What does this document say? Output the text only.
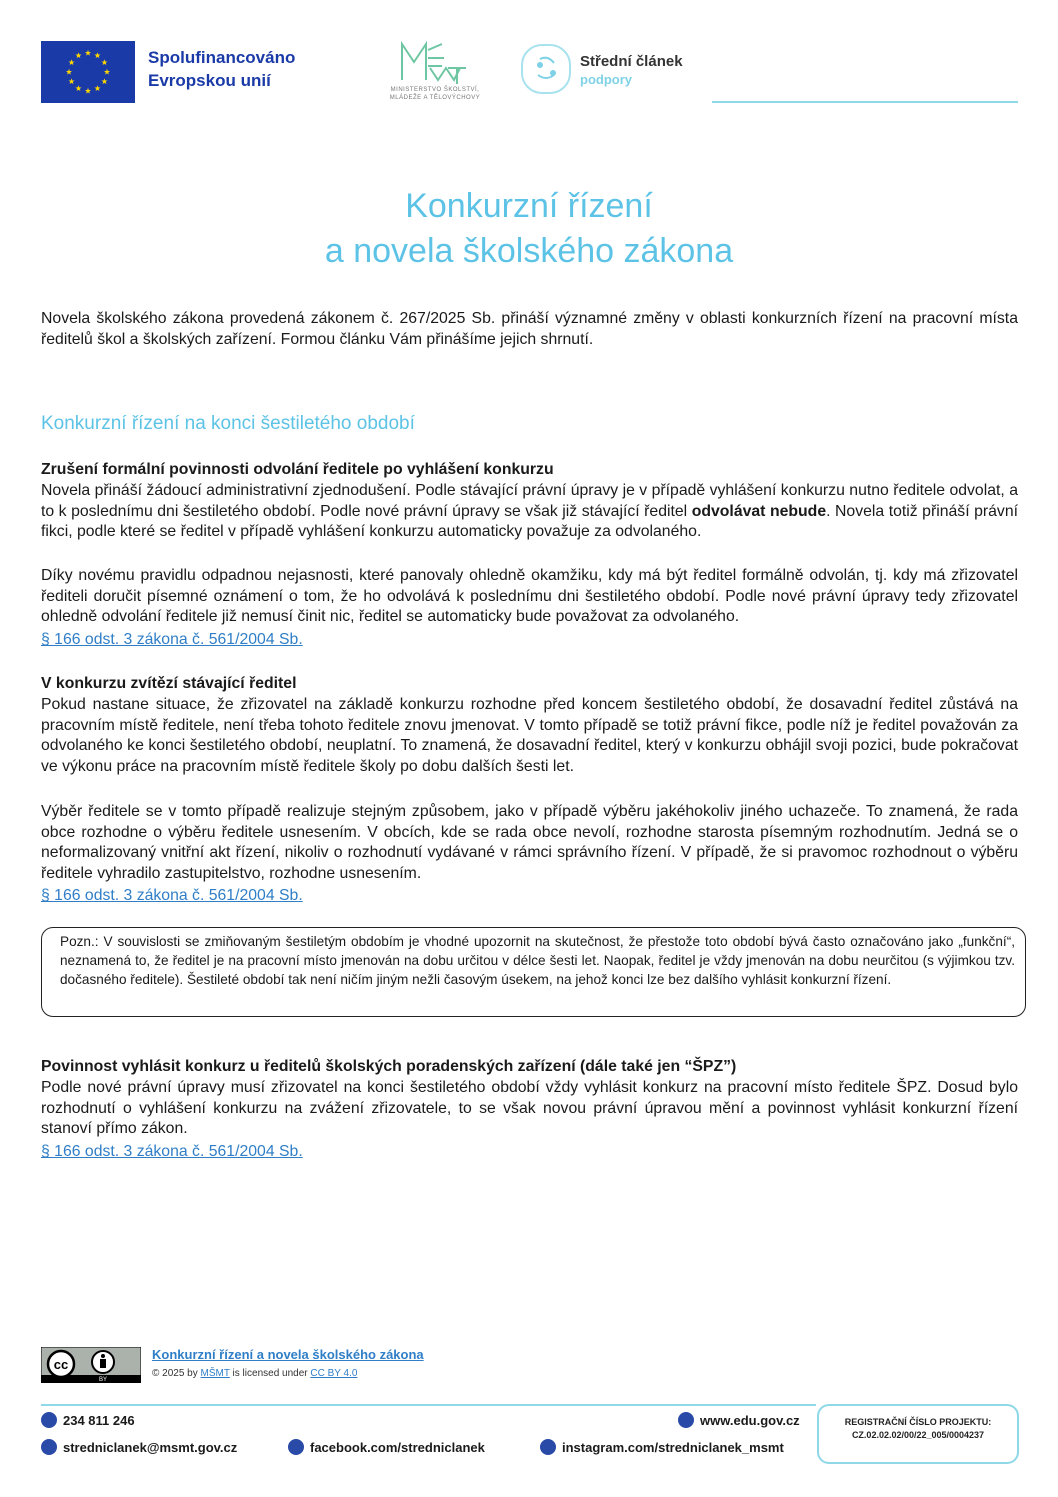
Spolufinancováno
Evropskou unií	MINISTERSTVO ŠKOLSTVÍ,
MLÁDEŽE A TĚLOVÝCHOVY
Střední článek
podpory
Konkurzní řízení
a novela školského zákona

Novela školského zákona provedená zákonem č. 267/2025 Sb. přináší významné změny v oblasti konkurzních řízení na pracovní místa ředitelů škol a školských zařízení. Formou článku Vám přinášíme jejich shrnutí.

Konkurzní řízení na konci šestiletého období

Zrušení formální povinnosti odvolání ředitele po vyhlášení konkurzu

Novela přináší žádoucí administrativní zjednodušení. Podle stávající právní úpravy je v případě vyhlášení konkurzu nutno ředitele odvolat, a to k poslednímu dni šestiletého období. Podle nové právní úpravy se však již stávající ředitel odvolávat nebude. Novela totiž přináší právní fikci, podle které se ředitel v případě vyhlášení konkurzu automaticky považuje za odvolaného.

Díky novému pravidlu odpadnou nejasnosti, které panovaly ohledně okamžiku, kdy má být ředitel formálně odvolán, tj. kdy má zřizovatel řediteli doručit písemné oznámení o tom, že ho odvolává k poslednímu dni šestiletého období. Podle nové právní úpravy tedy zřizovatel ohledně odvolání ředitele již nemusí činit nic, ředitel se automaticky bude považovat za odvolaného.

§ 166 odst. 3 zákona č. 561/2004 Sb.

V konkurzu zvítězí stávající ředitel

Pokud nastane situace, že zřizovatel na základě konkurzu rozhodne před koncem šestiletého období, že dosavadní ředitel zůstává na pracovním místě ředitele, není třeba tohoto ředitele znovu jmenovat. V tomto případě se totiž právní fikce, podle níž je ředitel považován za odvolaného ke konci šestiletého období, neuplatní. To znamená, že dosavadní ředitel, který v konkurzu obhájil svoji pozici, bude pokračovat ve výkonu práce na pracovním místě ředitele školy po dobu dalších šesti let.

Výběr ředitele se v tomto případě realizuje stejným způsobem, jako v případě výběru jakéhokoliv jiného uchazeče. To znamená, že rada obce rozhodne o výběru ředitele usnesením. V obcích, kde se rada obce nevolí, rozhodne starosta písemným rozhodnutím. Jedná se o neformalizovaný vnitřní akt řízení, nikoliv o rozhodnutí vydávané v rámci správního řízení. V případě, že si pravomoc rozhodnout o výběru ředitele vyhradilo zastupitelstvo, rozhodne usnesením.

§ 166 odst. 3 zákona č. 561/2004 Sb.

Pozn.: V souvislosti se zmiňovaným šestiletým obdobím je vhodné upozornit na skutečnost, že přestože toto období bývá často označováno jako „funkční“, neznamená to, že ředitel je na pracovní místo jmenován na dobu určitou v délce šesti let. Naopak, ředitel je vždy jmenován na dobu neurčitou (s výjimkou tzv. dočasného ředitele). Šestileté období tak není ničím jiným nežli časovým úsekem, na jehož konci lze bez dalšího vyhlásit konkurzní řízení.

Povinnost vyhlásit konkurz u ředitelů školských poradenských zařízení (dále také jen “ŠPZ”)

Podle nové právní úpravy musí zřizovatel na konci šestiletého období vždy vyhlásit konkurz na pracovní místo ředitele ŠPZ. Dosud bylo rozhodnutí o vyhlášení konkurzu na zvážení zřizovatele, to se však novou právní úpravou mění a povinnost vyhlásit konkurzní řízení stanoví přímo zákon.

§ 166 odst. 3 zákona č. 561/2004 Sb.
cc
BY
Konkurzní řízení a novela školského zákona
© 2025 by MŠMT is licensed under CC BY 4.0
234 811 246
stredniclanek@msmt.gov.cz	facebook.com/stredniclanek
www.edu.gov.cz
instagram.com/stredniclanek_msmt
REGISTRAČNÍ ČÍSLO PROJEKTU:
CZ.02.02.02/00/22_005/0004237
